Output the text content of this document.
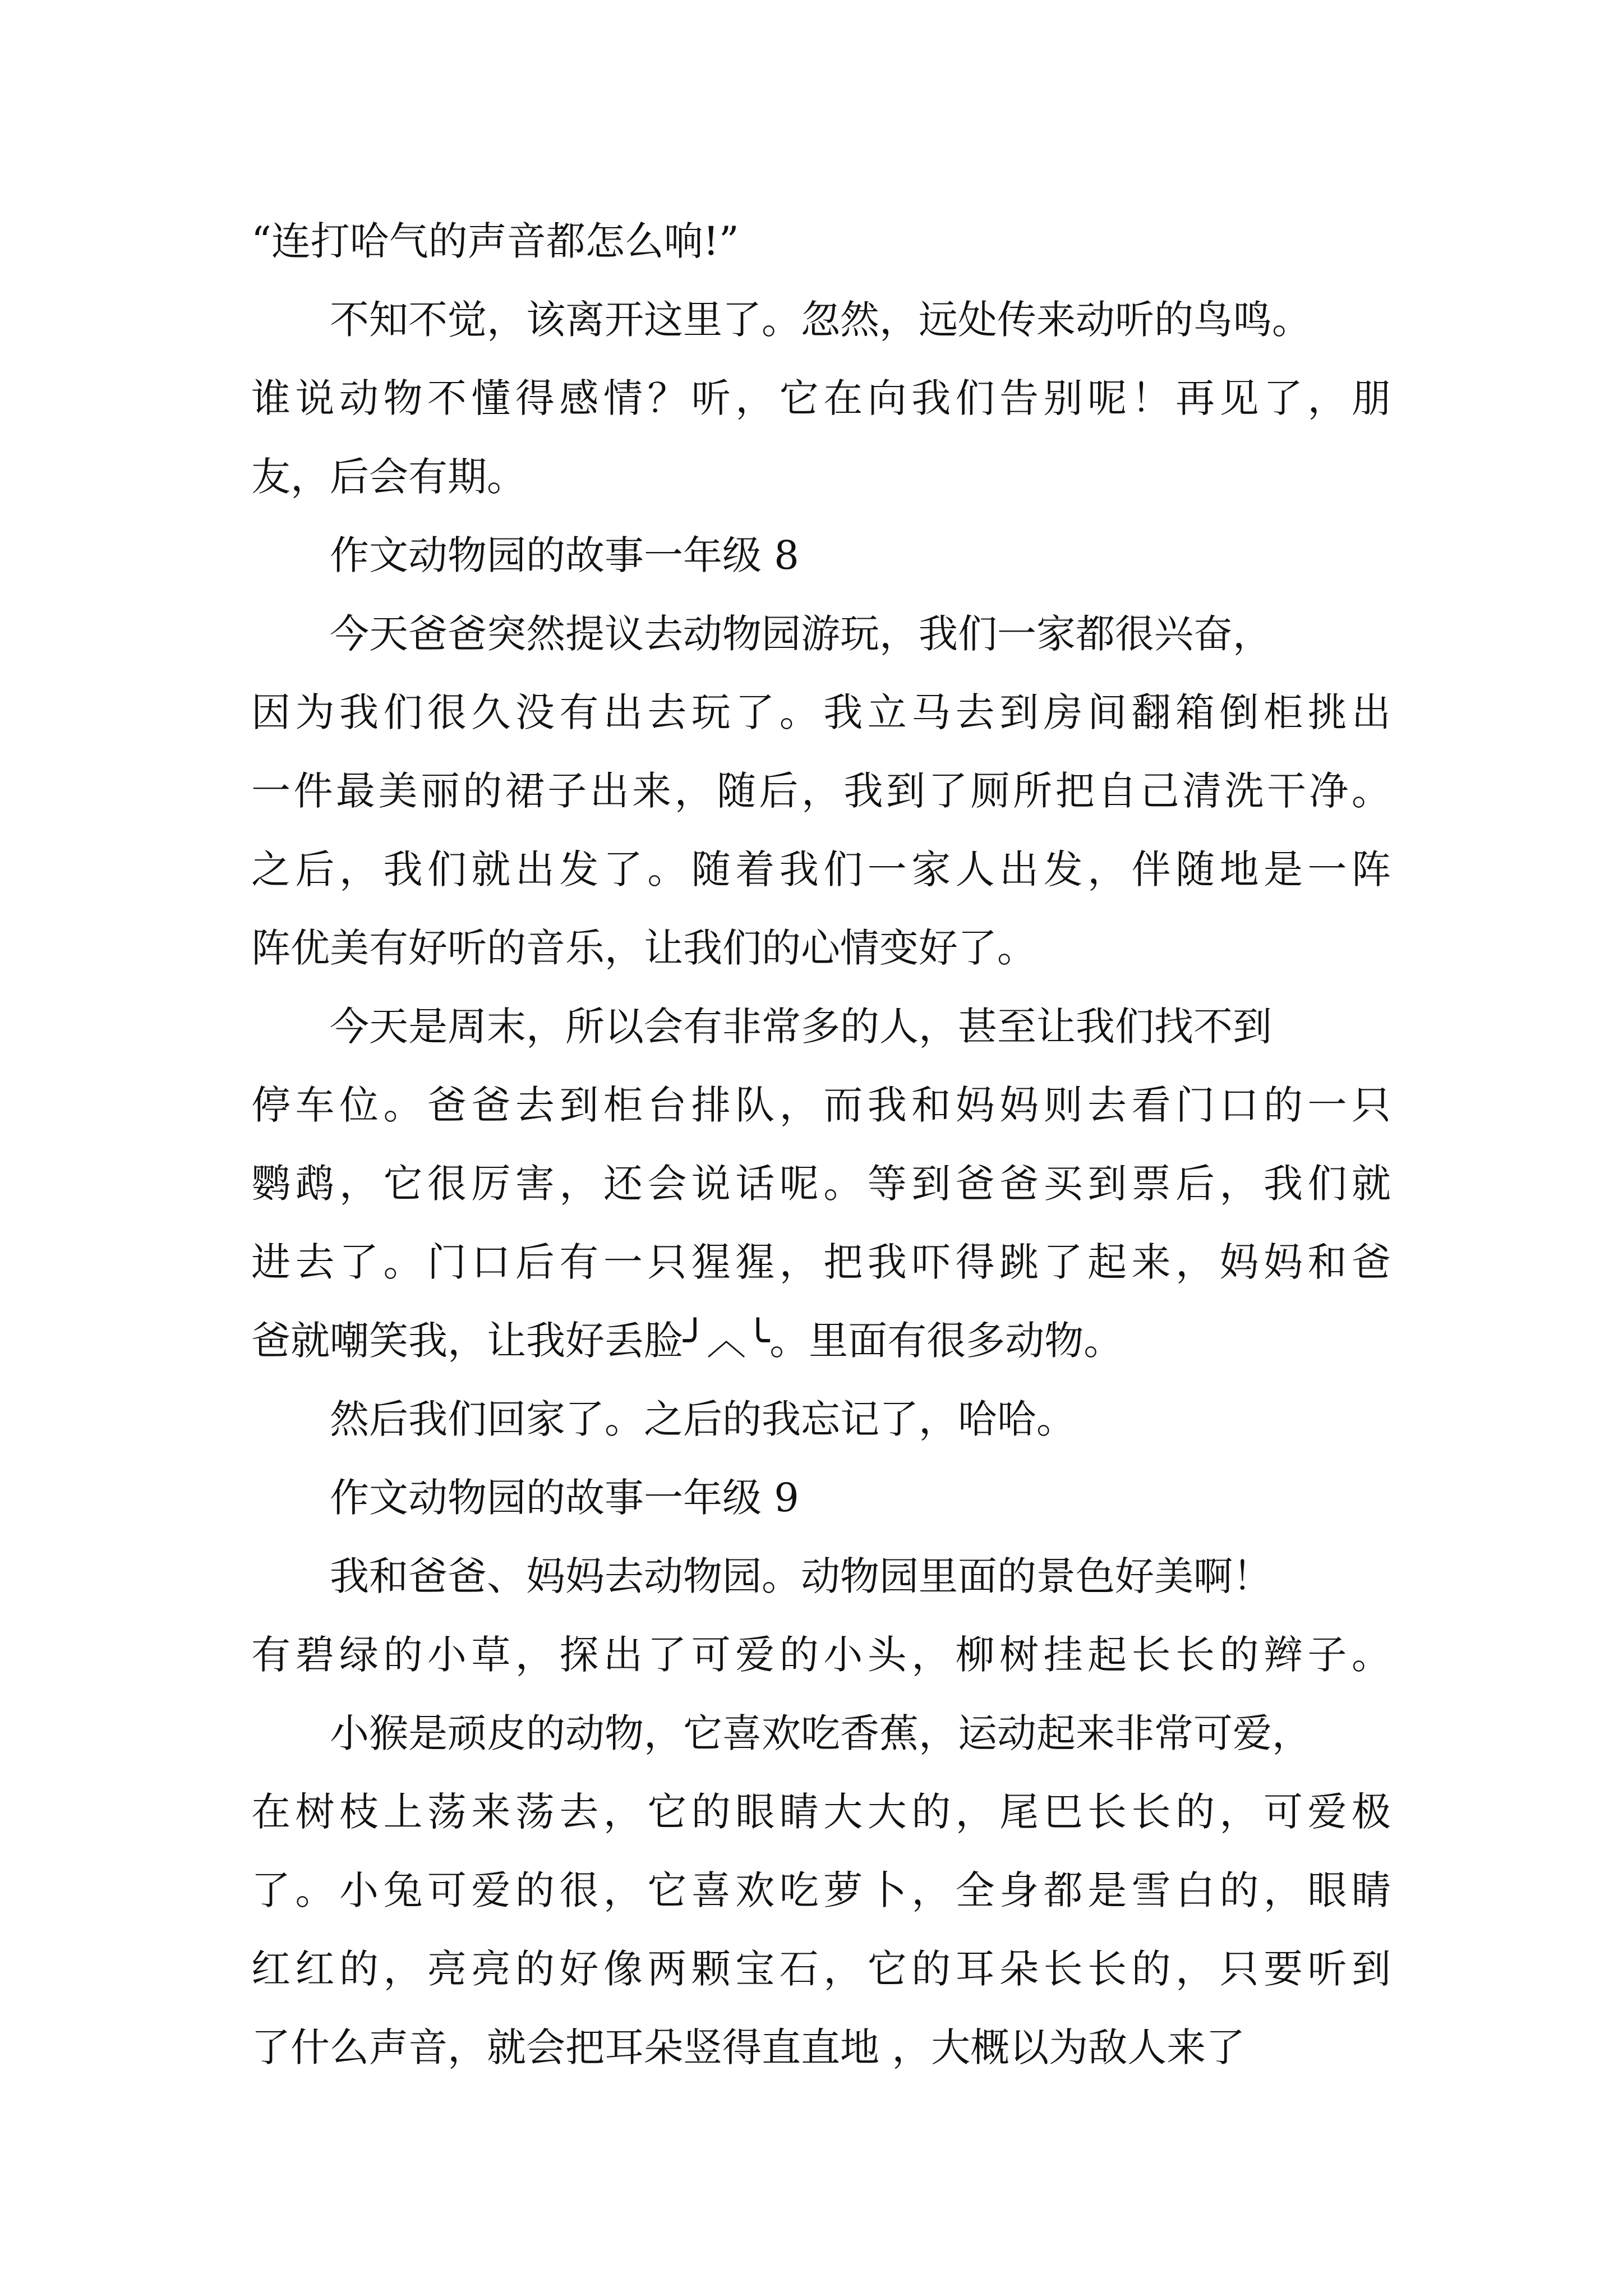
“连打哈气的声音都怎么响!”
不知不觉，该离开这里了。忽然，远处传来动听的鸟鸣。
谁说动物不懂得感情？听，它在向我们告别呢！再见了，朋
友，后会有期。
作文动物园的故事一年级 8
今天爸爸突然提议去动物园游玩，我们一家都很兴奋，
因为我们很久没有出去玩了。我立马去到房间翻箱倒柜挑出
一件最美丽的裙子出来，随后，我到了厕所把自己清洗干净。
之后，我们就出发了。随着我们一家人出发，伴随地是一阵
阵优美有好听的音乐，让我们的心情变好了。
今天是周末，所以会有非常多的人，甚至让我们找不到
停车位。爸爸去到柜台排队，而我和妈妈则去看门口的一只
鹦鹉，它很厉害，还会说话呢。等到爸爸买到票后，我们就
进去了。门口后有一只猩猩，把我吓得跳了起来，妈妈和爸
爸就嘲笑我，让我好丢脸╯︿╰。里面有很多动物。
然后我们回家了。之后的我忘记了，哈哈。
作文动物园的故事一年级 9
我和爸爸、妈妈去动物园。动物园里面的景色好美啊！
有碧绿的小草，探出了可爱的小头，柳树挂起长长的辫子。
小猴是顽皮的动物，它喜欢吃香蕉，运动起来非常可爱，
在树枝上荡来荡去，它的眼睛大大的，尾巴长长的，可爱极
了。小兔可爱的很，它喜欢吃萝卜，全身都是雪白的，眼睛
红红的，亮亮的好像两颗宝石，它的耳朵长长的，只要听到
了什么声音，就会把耳朵竖得直直地 ，大概以为敌人来了
